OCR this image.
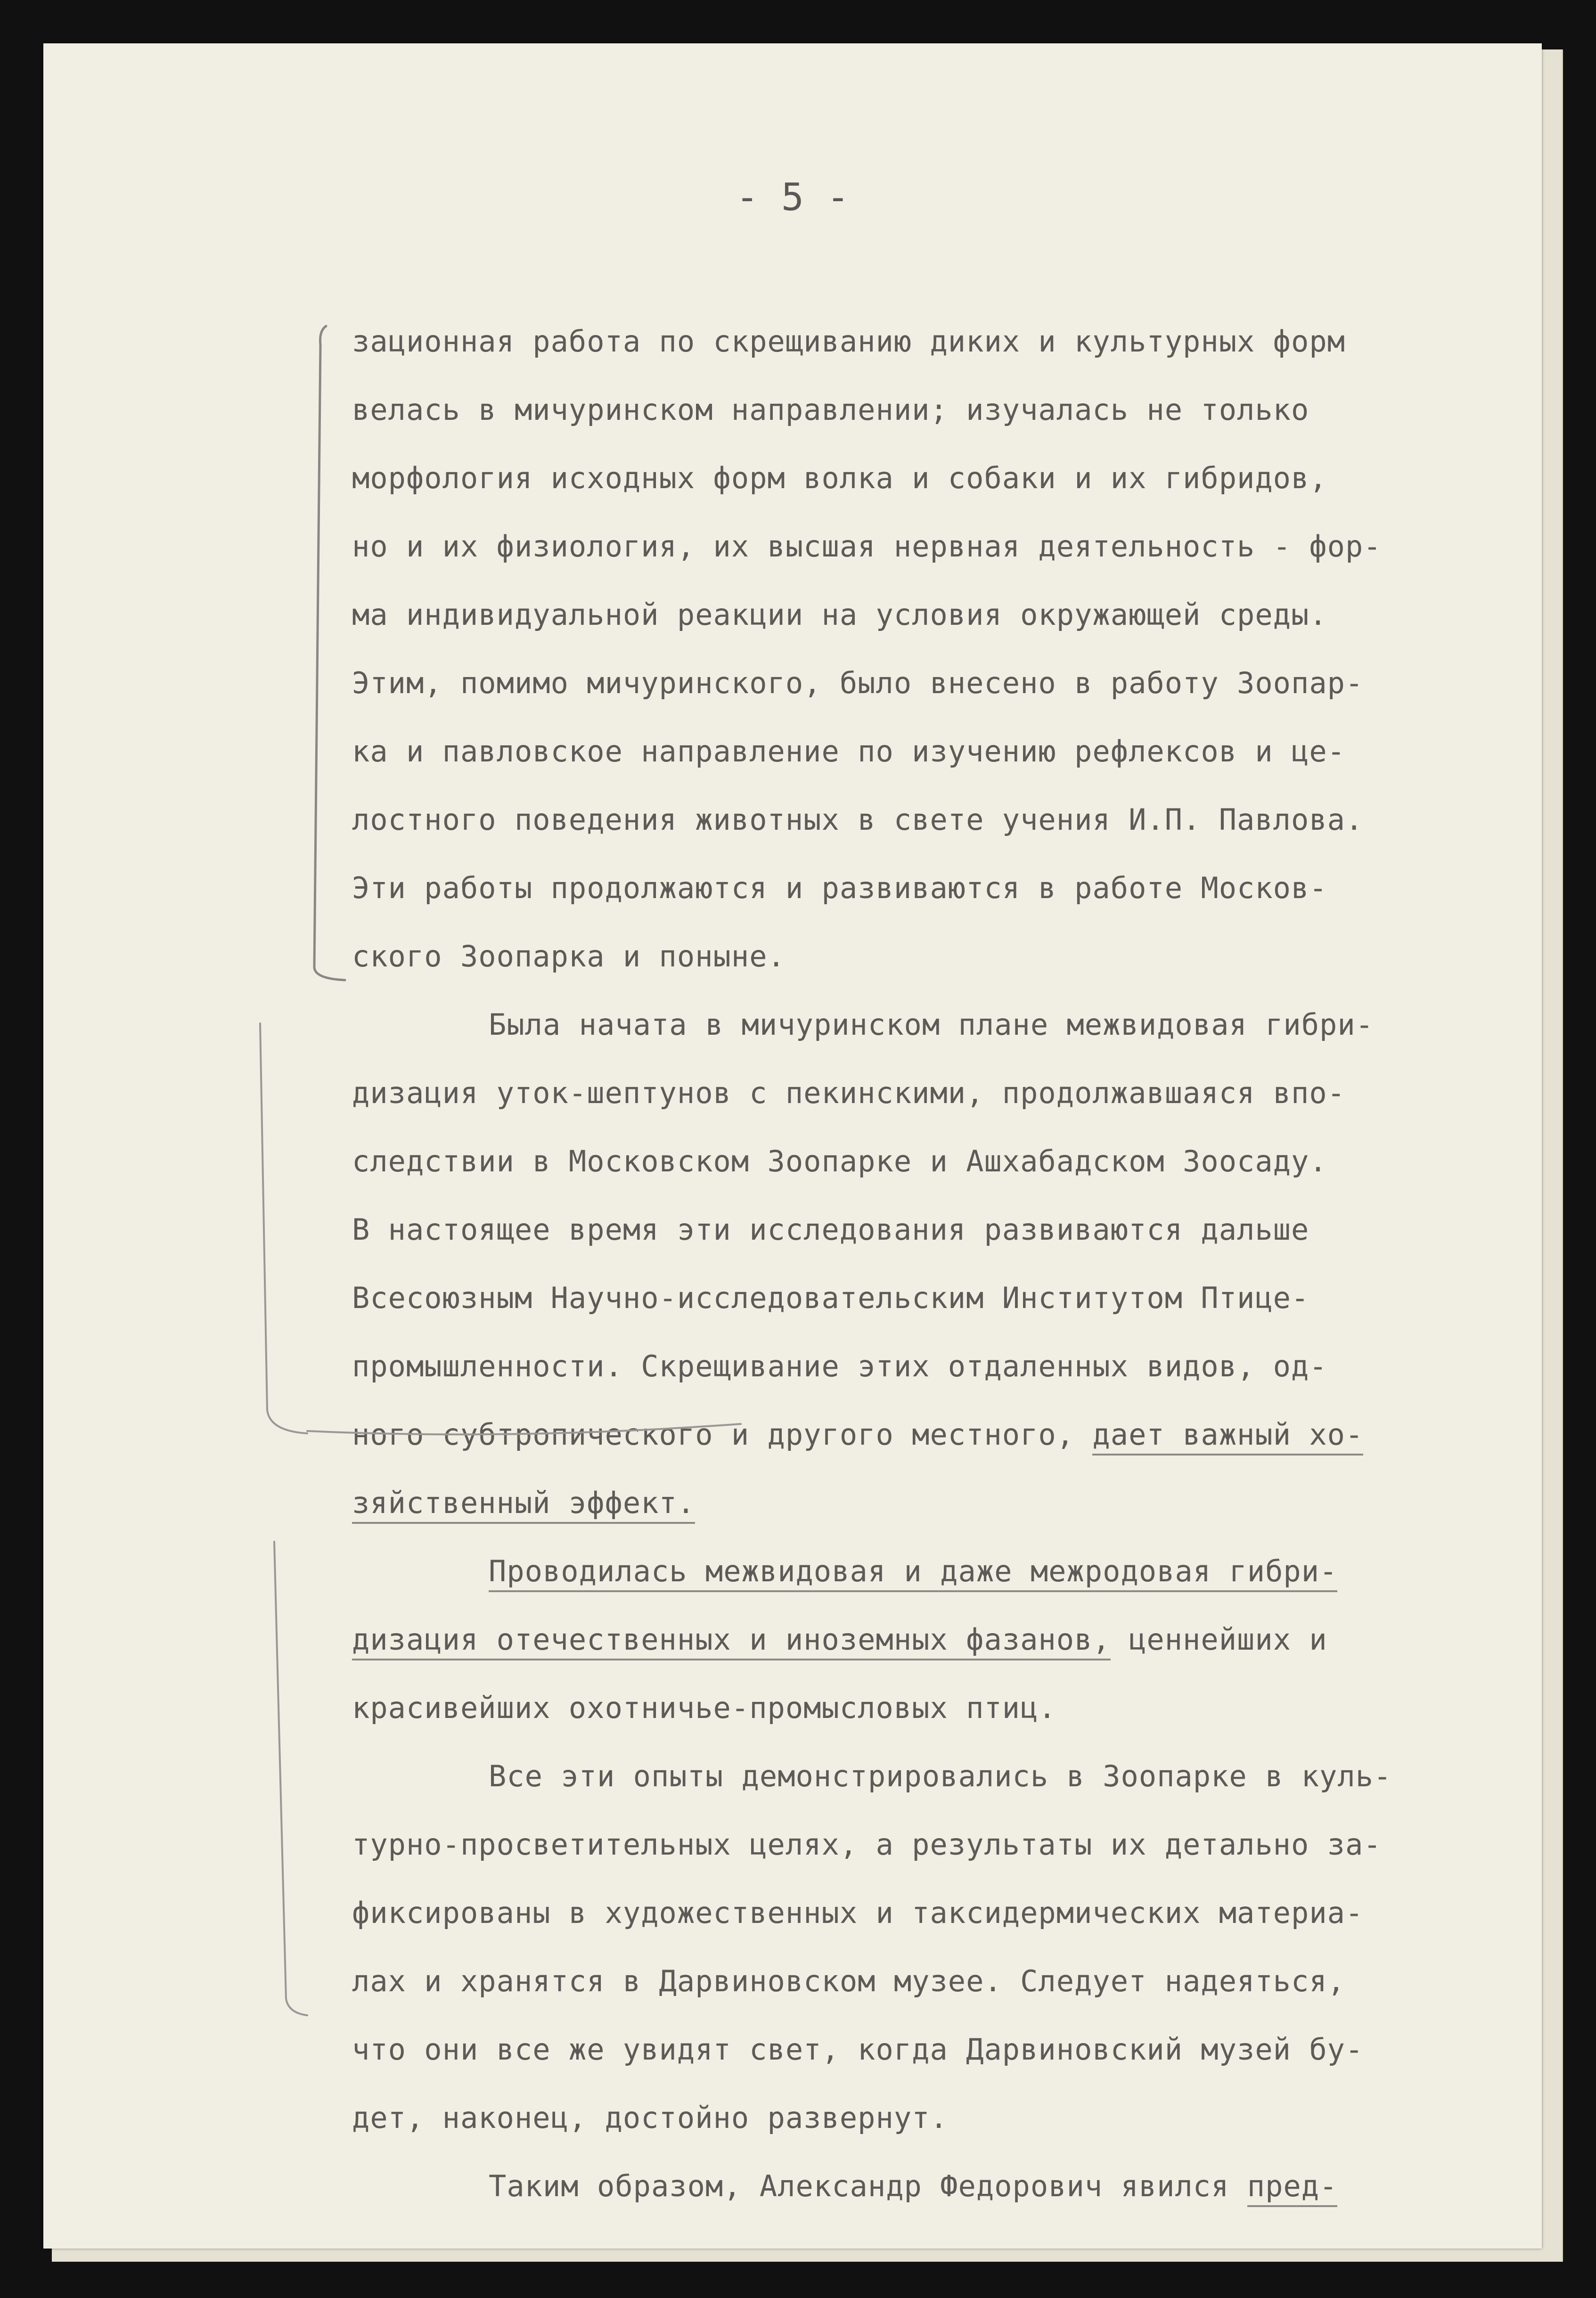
- 5 -
зационная работа по скрещиванию диких и культурных форм
велась в мичуринском направлении; изучалась не только
морфология исходных форм волка и собаки и их гибридов,
но и их физиология, их высшая нервная деятельность - фор-
ма индивидуальной реакции на условия окружающей среды.
Этим, помимо мичуринского, было внесено в работу Зоопар-
ка и павловское направление по изучению рефлексов и це-
лостного поведения животных в свете учения И.П. Павлова.
Эти работы продолжаются и развиваются в работе Москов-
ского Зоопарка и поныне.
Была начата в мичуринском плане межвидовая гибри-
дизация уток-шептунов с пекинскими, продолжавшаяся впо-
следствии в Московском Зоопарке и Ашхабадском Зоосаду.
В настоящее время эти исследования развиваются дальше
Всесоюзным Научно-исследовательским Институтом Птице-
промышленности. Скрещивание этих отдаленных видов, од-
ного субтропического и другого местного, дает важный хо-
зяйственный эффект.
Проводилась межвидовая и даже межродовая гибри-
дизация отечественных и иноземных фазанов, ценнейших и
красивейших охотничье-промысловых птиц.
Все эти опыты демонстрировались в Зоопарке в куль-
турно-просветительных целях, а результаты их детально за-
фиксированы в художественных и таксидермических материа-
лах и хранятся в Дарвиновском музее. Следует надеяться,
что они все же увидят свет, когда Дарвиновский музей бу-
дет, наконец, достойно развернут.
Таким образом, Александр Федорович явился пред-
